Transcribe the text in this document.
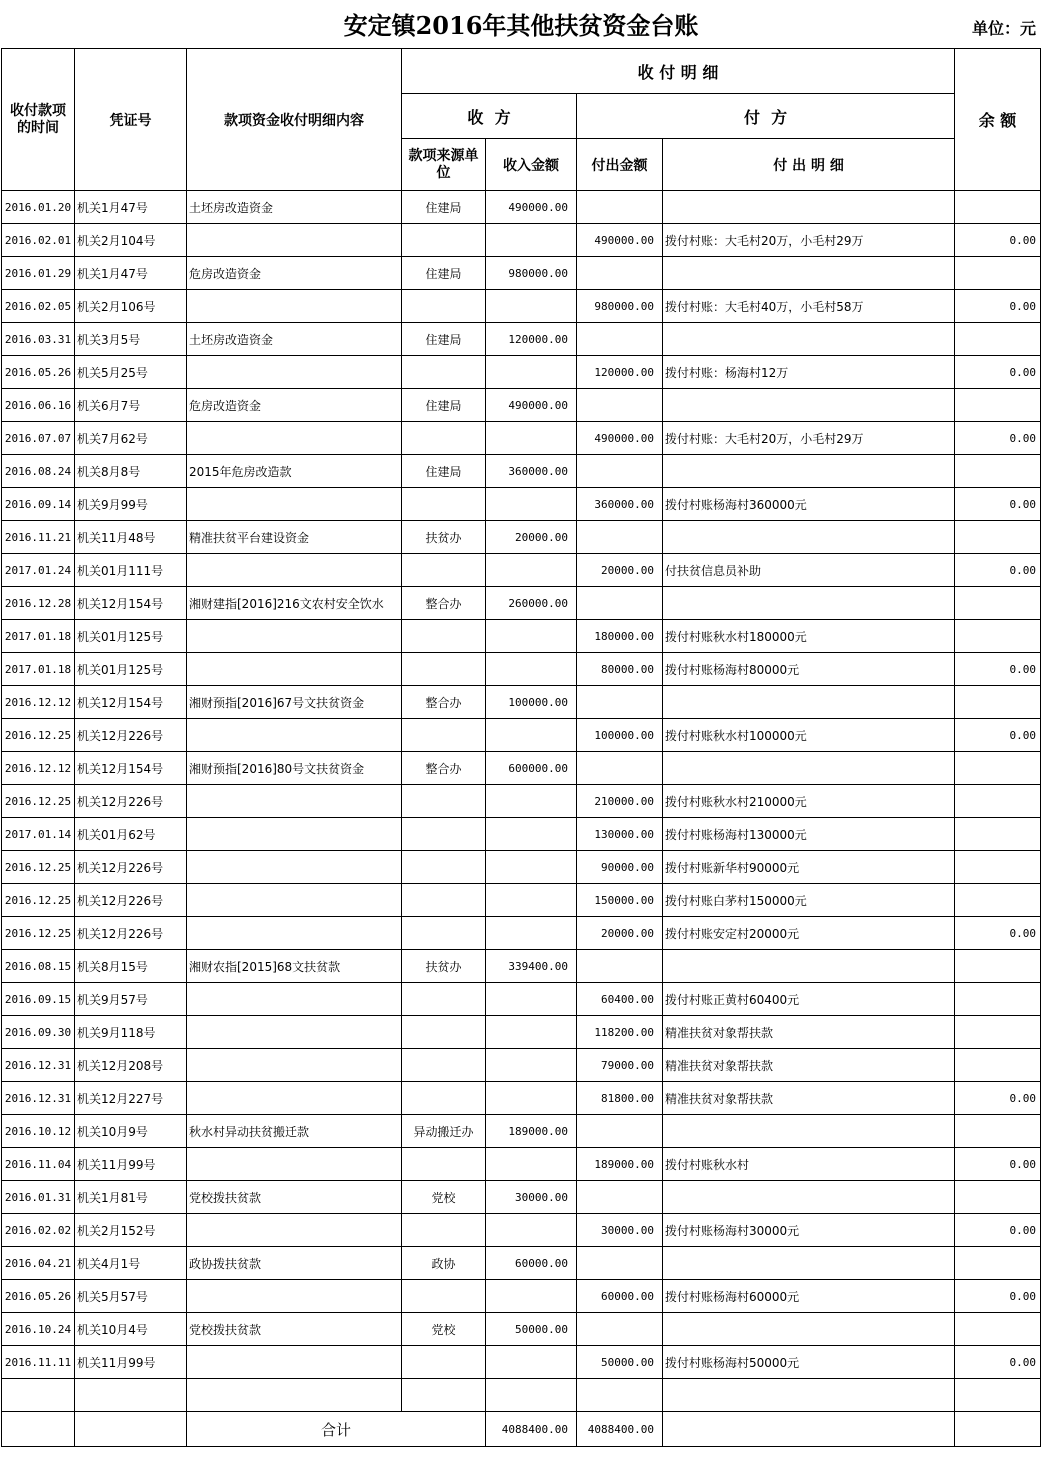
安定镇2016年其他扶贫资金台账	单位：元
收付款项的时间	凭证号	款项资金收付明细内容	收 付 明 细				余 额
			收  方		付  方		
			款项来源单位	收入金额	付出金额	付 出 明 细	
2016.01.20	机关1月47号	土坯房改造资金	住建局	490000.00			
2016.02.01	机关2月104号				490000.00	拨付村账：大毛村20万，小毛村29万	0.00
2016.01.29	机关1月47号	危房改造资金	住建局	980000.00			
2016.02.05	机关2月106号				980000.00	拨付村账：大毛村40万，小毛村58万	0.00
2016.03.31	机关3月5号	土坯房改造资金	住建局	120000.00			
2016.05.26	机关5月25号				120000.00	拨付村账：杨海村12万	0.00
2016.06.16	机关6月7号	危房改造资金	住建局	490000.00			
2016.07.07	机关7月62号				490000.00	拨付村账：大毛村20万，小毛村29万	0.00
2016.08.24	机关8月8号	2015年危房改造款	住建局	360000.00			
2016.09.14	机关9月99号				360000.00	拨付村账杨海村360000元	0.00
2016.11.21	机关11月48号	精准扶贫平台建设资金	扶贫办	20000.00			
2017.01.24	机关01月111号				20000.00	付扶贫信息员补助	0.00
2016.12.28	机关12月154号	湘财建指[2016]216文农村安全饮水	整合办	260000.00			
2017.01.18	机关01月125号				180000.00	拨付村账秋水村180000元	
2017.01.18	机关01月125号				80000.00	拨付村账杨海村80000元	0.00
2016.12.12	机关12月154号	湘财预指[2016]67号文扶贫资金	整合办	100000.00			
2016.12.25	机关12月226号				100000.00	拨付村账秋水村100000元	0.00
2016.12.12	机关12月154号	湘财预指[2016]80号文扶贫资金	整合办	600000.00			
2016.12.25	机关12月226号				210000.00	拨付村账秋水村210000元	
2017.01.14	机关01月62号				130000.00	拨付村账杨海村130000元	
2016.12.25	机关12月226号				90000.00	拨付村账新华村90000元	
2016.12.25	机关12月226号				150000.00	拨付村账白茅村150000元	
2016.12.25	机关12月226号				20000.00	拨付村账安定村20000元	0.00
2016.08.15	机关8月15号	湘财农指[2015]68文扶贫款	扶贫办	339400.00			
2016.09.15	机关9月57号				60400.00	拨付村账正黄村60400元	
2016.09.30	机关9月118号				118200.00	精准扶贫对象帮扶款	
2016.12.31	机关12月208号				79000.00	精准扶贫对象帮扶款	
2016.12.31	机关12月227号				81800.00	精准扶贫对象帮扶款	0.00
2016.10.12	机关10月9号	秋水村异动扶贫搬迁款	异动搬迁办	189000.00			
2016.11.04	机关11月99号				189000.00	拨付村账秋水村	0.00
2016.01.31	机关1月81号	党校拨扶贫款	党校	30000.00			
2016.02.02	机关2月152号				30000.00	拨付村账杨海村30000元	0.00
2016.04.21	机关4月1号	政协拨扶贫款	政协	60000.00			
2016.05.26	机关5月57号				60000.00	拨付村账杨海村60000元	0.00
2016.10.24	机关10月4号	党校拨扶贫款	党校	50000.00			
2016.11.11	机关11月99号				50000.00	拨付村账杨海村50000元	0.00

		合计		4088400.00	4088400.00		
